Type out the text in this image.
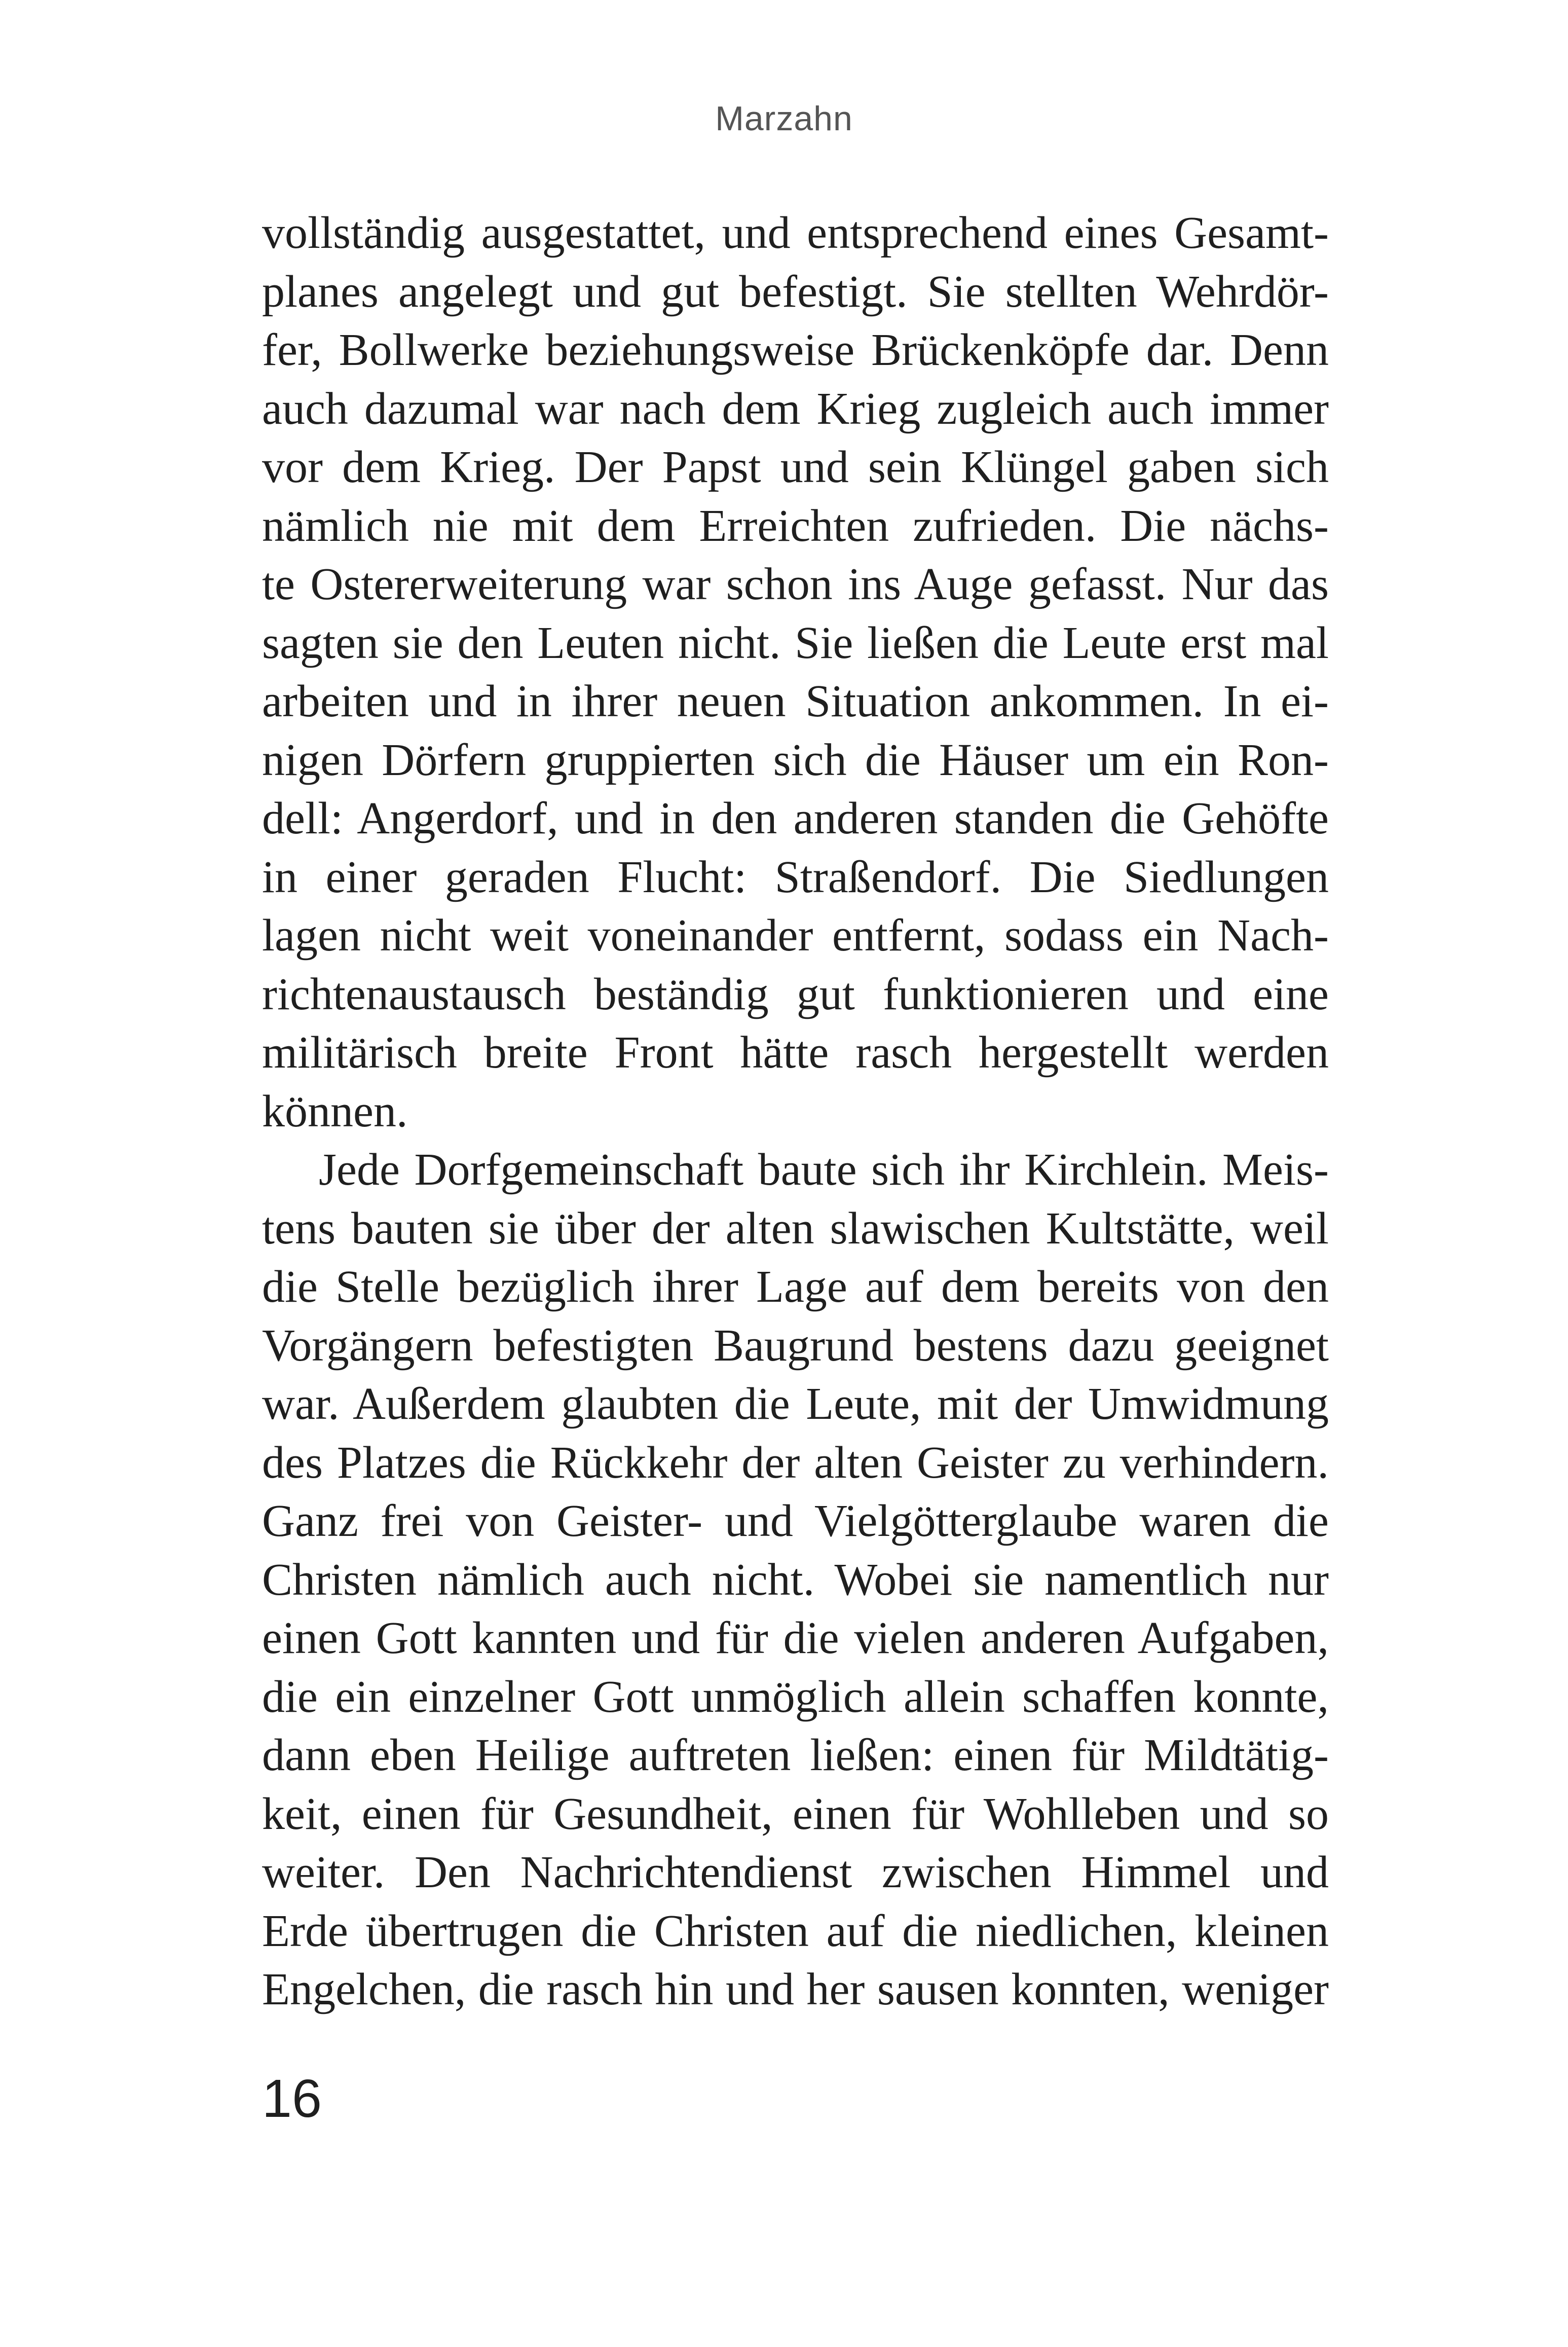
Marzahn
vollständig ausgestattet, und entsprechend eines Gesamt-
planes angelegt und gut befestigt. Sie stellten Wehrdör-
fer, Bollwerke beziehungsweise Brückenköpfe dar. Denn
auch dazumal war nach dem Krieg zugleich auch immer
vor dem Krieg. Der Papst und sein Klüngel gaben sich
nämlich nie mit dem Erreichten zufrieden. Die nächs-
te Ostererweiterung war schon ins Auge gefasst. Nur das
sagten sie den Leuten nicht. Sie ließen die Leute erst mal
arbeiten und in ihrer neuen Situation ankommen. In ei-
nigen Dörfern gruppierten sich die Häuser um ein Ron-
dell: Angerdorf, und in den anderen standen die Gehöfte
in einer geraden Flucht: Straßendorf. Die Siedlungen
lagen nicht weit voneinander entfernt, sodass ein Nach-
richtenaustausch beständig gut funktionieren und eine
militärisch breite Front hätte rasch hergestellt werden
können.
Jede Dorfgemeinschaft baute sich ihr Kirchlein. Meis-
tens bauten sie über der alten slawischen Kultstätte, weil
die Stelle bezüglich ihrer Lage auf dem bereits von den
Vorgängern befestigten Baugrund bestens dazu geeignet
war. Außerdem glaubten die Leute, mit der Umwidmung
des Platzes die Rückkehr der alten Geister zu verhindern.
Ganz frei von Geister- und Vielgötterglaube waren die
Christen nämlich auch nicht. Wobei sie namentlich nur
einen Gott kannten und für die vielen anderen Aufgaben,
die ein einzelner Gott unmöglich allein schaffen konnte,
dann eben Heilige auftreten ließen: einen für Mildtätig-
keit, einen für Gesundheit, einen für Wohlleben und so
weiter. Den Nachrichtendienst zwischen Himmel und
Erde übertrugen die Christen auf die niedlichen, kleinen
Engelchen, die rasch hin und her sausen konnten, weniger
16
